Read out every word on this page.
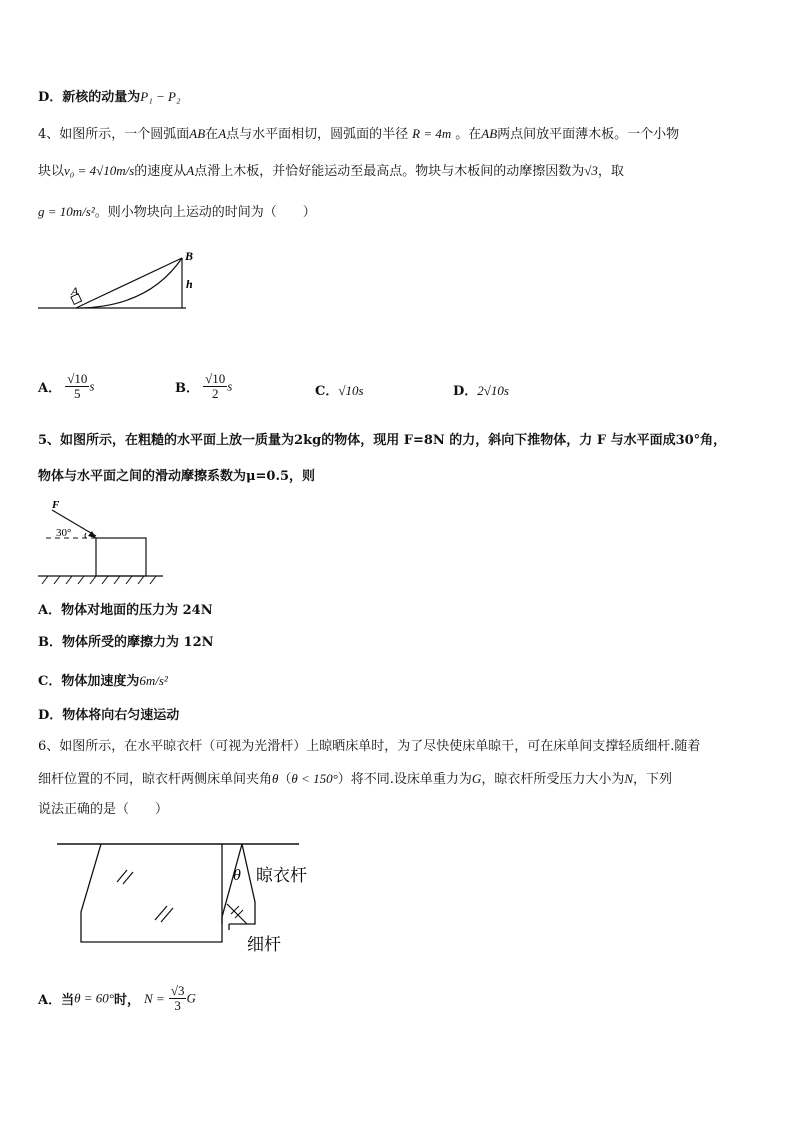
D．新核的动量为P₁ − P₂
4、如图所示，一个圆弧面AB在A点与水平面相切，圆弧面的半径 R = 4m 。在AB两点间放平面薄木板。一个小物
块以v₀ = 4√10m/s的速度从A点滑上木板，并恰好能运动至最高点。物块与木板间的动摩擦因数为√3，取
g = 10m/s²。则小物块向上运动的时间为（　　）
A
B
h
A． $\frac{√10}{5}$ s	B． $\frac{√10}{2}$ s	C．√10s	D．2√10s
5、如图所示，在粗糙的水平面上放一质量为2kg的物体，现用 F=8N 的力，斜向下推物体，力 F 与水平面成30°角，
物体与水平面之间的滑动摩擦系数为μ=0.5，则
F
30°
A．物体对地面的压力为 24N
B．物体所受的摩擦力为 12N
C．物体加速度为6m/s²
D．物体将向右匀速运动
6、如图所示，在水平晾衣杆（可视为光滑杆）上晾晒床单时，为了尽快使床单晾干，可在床单间支撑轻质细杆.随着
细杆位置的不同，晾衣杆两侧床单间夹角θ（θ < 150°）将不同.设床单重力为G，晾衣杆所受压力大小为N，下列
说法正确的是（　　）
θ 晾衣杆
细杆
A．当θ = 60°时， $N = \frac{√3}{3}$ G
